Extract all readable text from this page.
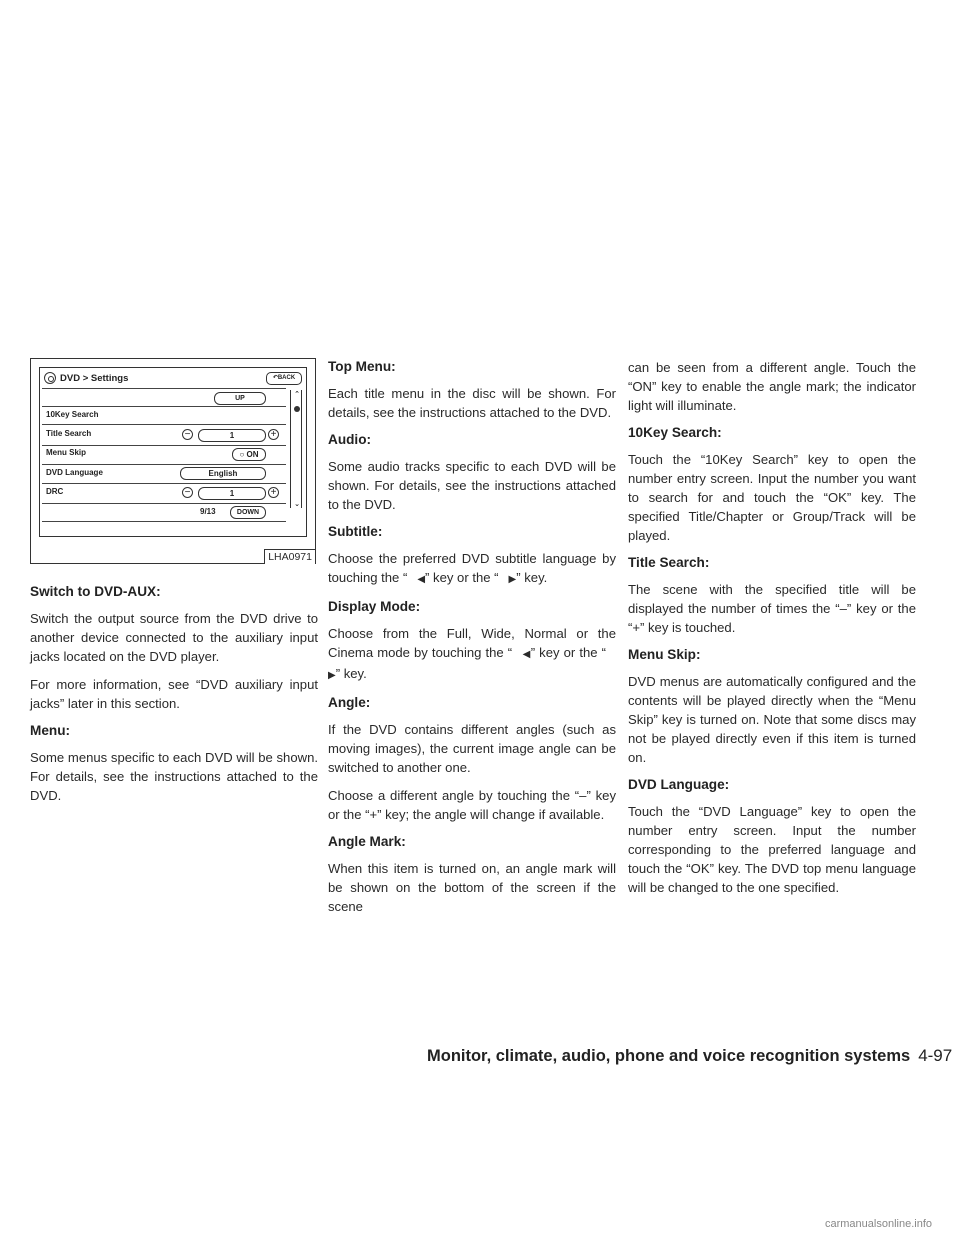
DVD > Settings	↶BACK
UP
10Key Search
Title Search	−	1	+
Menu Skip	○ ON
DVD Language	English
DRC	−	1	+
9/13	DOWN
⌃
⌄
LHA0971
Switch to DVD-AUX:

Switch the output source from the DVD drive to another device connected to the auxiliary input jacks located on the DVD player.

For more information, see “DVD auxiliary input jacks” later in this section.

Menu:

Some menus specific to each DVD will be shown. For details, see the instructions attached to the DVD.

Top Menu:

Each title menu in the disc will be shown. For details, see the instructions attached to the DVD.

Audio:

Some audio tracks specific to each DVD will be shown. For details, see the instructions attached to the DVD.

Subtitle:

Choose the preferred DVD subtitle language by touching the “ ◀ ” key or the “ ▶ ” key.

Display Mode:

Choose from the Full, Wide, Normal or the Cinema mode by touching the “ ◀ ” key or the “▶ ” key.

Angle:

If the DVD contains different angles (such as moving images), the current image angle can be switched to another one.

Choose a different angle by touching the “–” key or the “+” key; the angle will change if available.

Angle Mark:

When this item is turned on, an angle mark will be shown on the bottom of the screen if the scene

can be seen from a different angle. Touch the “ON” key to enable the angle mark; the indicator light will illuminate.

10Key Search:

Touch the “10Key Search” key to open the number entry screen. Input the number you want to search for and touch the “OK” key. The specified Title/Chapter or Group/Track will be played.

Title Search:

The scene with the specified title will be displayed the number of times the “–” key or the “+” key is touched.

Menu Skip:

DVD menus are automatically configured and the contents will be played directly when the “Menu Skip” key is turned on. Note that some discs may not be played directly even if this item is turned on.

DVD Language:

Touch the “DVD Language” key to open the number entry screen. Input the number corresponding to the preferred language and touch the “OK” key. The DVD top menu language will be changed to the one specified.

Monitor, climate, audio, phone and voice recognition systems 4-97
carmanualsonline.info
